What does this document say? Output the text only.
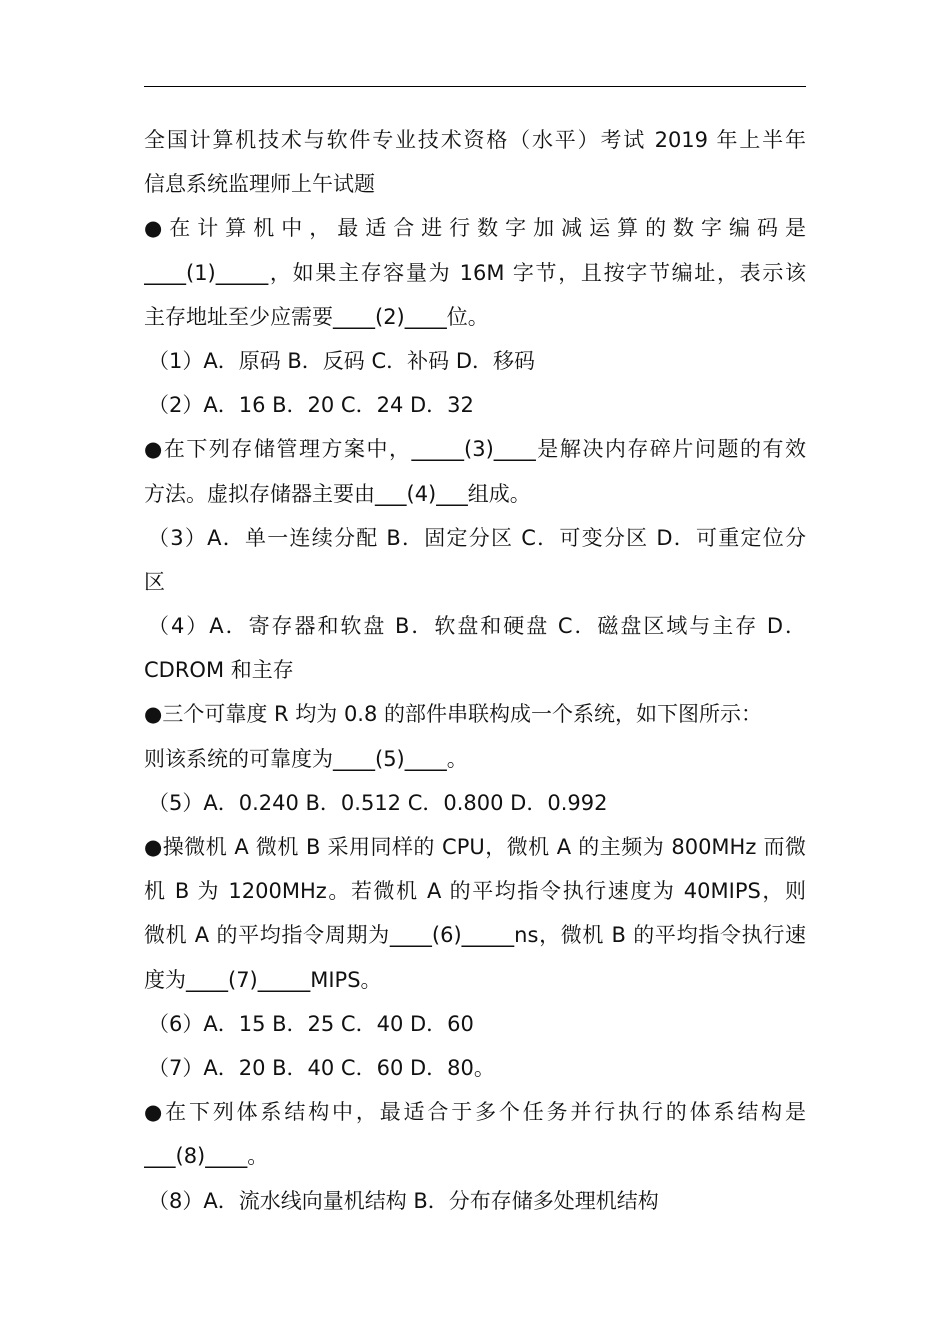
全国计算机技术与软件专业技术资格（水平）考试 2019 年上半年
信息系统监理师上午试题
●在计算机中，最适合进行数字加减运算的数字编码是
____(1)_____，如果主存容量为 16M 字节，且按字节编址，表示该
主存地址至少应需要____(2)____位。
（1）A．原码 B．反码 C．补码 D．移码
（2）A．16 B．20 C．24 D．32
●在下列存储管理方案中，_____(3)____是解决内存碎片问题的有效
方法。虚拟存储器主要由___(4)___组成。
（3）A．单一连续分配 B．固定分区 C．可变分区 D．可重定位分
区
（4）A．寄存器和软盘 B．软盘和硬盘 C．磁盘区域与主存 D．
CDROM 和主存
●三个可靠度 R 均为 0.8 的部件串联构成一个系统，如下图所示：
则该系统的可靠度为____(5)____。
（5）A．0.240 B．0.512 C．0.800 D．0.992
●操微机 A 微机 B 采用同样的 CPU，微机 A 的主频为 800MHz 而微
机 B 为 1200MHz。若微机 A 的平均指令执行速度为 40MIPS，则
微机 A 的平均指令周期为____(6)_____ns，微机 B 的平均指令执行速
度为____(7)_____MIPS。
（6）A．15 B．25 C．40 D．60
（7）A．20 B．40 C．60 D．80。
●在下列体系结构中，最适合于多个任务并行执行的体系结构是
___(8)____。
（8）A．流水线向量机结构 B．分布存储多处理机结构
